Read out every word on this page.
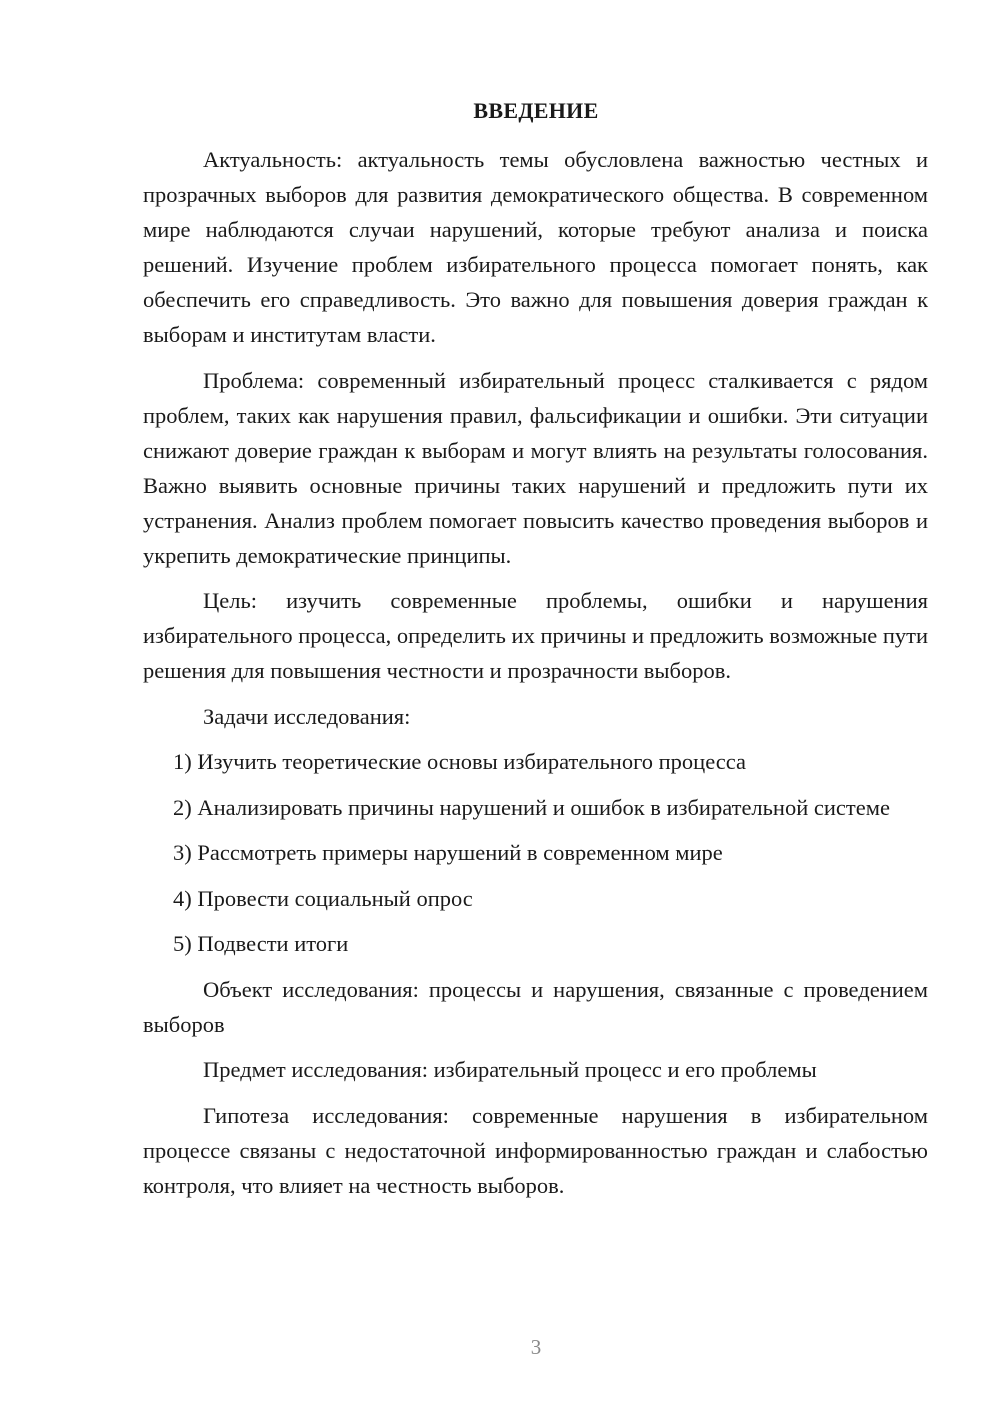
ВВЕДЕНИЕ

Актуальность: актуальность темы обусловлена важностью честных и прозрачных выборов для развития демократического общества. В современном мире наблюдаются случаи нарушений, которые требуют анализа и поиска решений. Изучение проблем избирательного процесса помогает понять, как обеспечить его справедливость. Это важно для повышения доверия граждан к выборам и институтам власти.

Проблема: современный избирательный процесс сталкивается с рядом проблем, таких как нарушения правил, фальсификации и ошибки. Эти ситуации снижают доверие граждан к выборам и могут влиять на результаты голосования. Важно выявить основные причины таких нарушений и предложить пути их устранения. Анализ проблем помогает повысить качество проведения выборов и укрепить демократические принципы.

Цель: изучить современные проблемы, ошибки и нарушения избирательного процесса, определить их причины и предложить возможные пути решения для повышения честности и прозрачности выборов.

Задачи исследования:

1) Изучить теоретические основы избирательного процесса

2) Анализировать причины нарушений и ошибок в избирательной системе

3) Рассмотреть примеры нарушений в современном мире

4) Провести социальный опрос

5) Подвести итоги

Объект исследования: процессы и нарушения, связанные с проведением выборов

Предмет исследования: избирательный процесс и его проблемы

Гипотеза исследования: современные нарушения в избирательном процессе связаны с недостаточной информированностью граждан и слабостью контроля, что влияет на честность выборов.

3
